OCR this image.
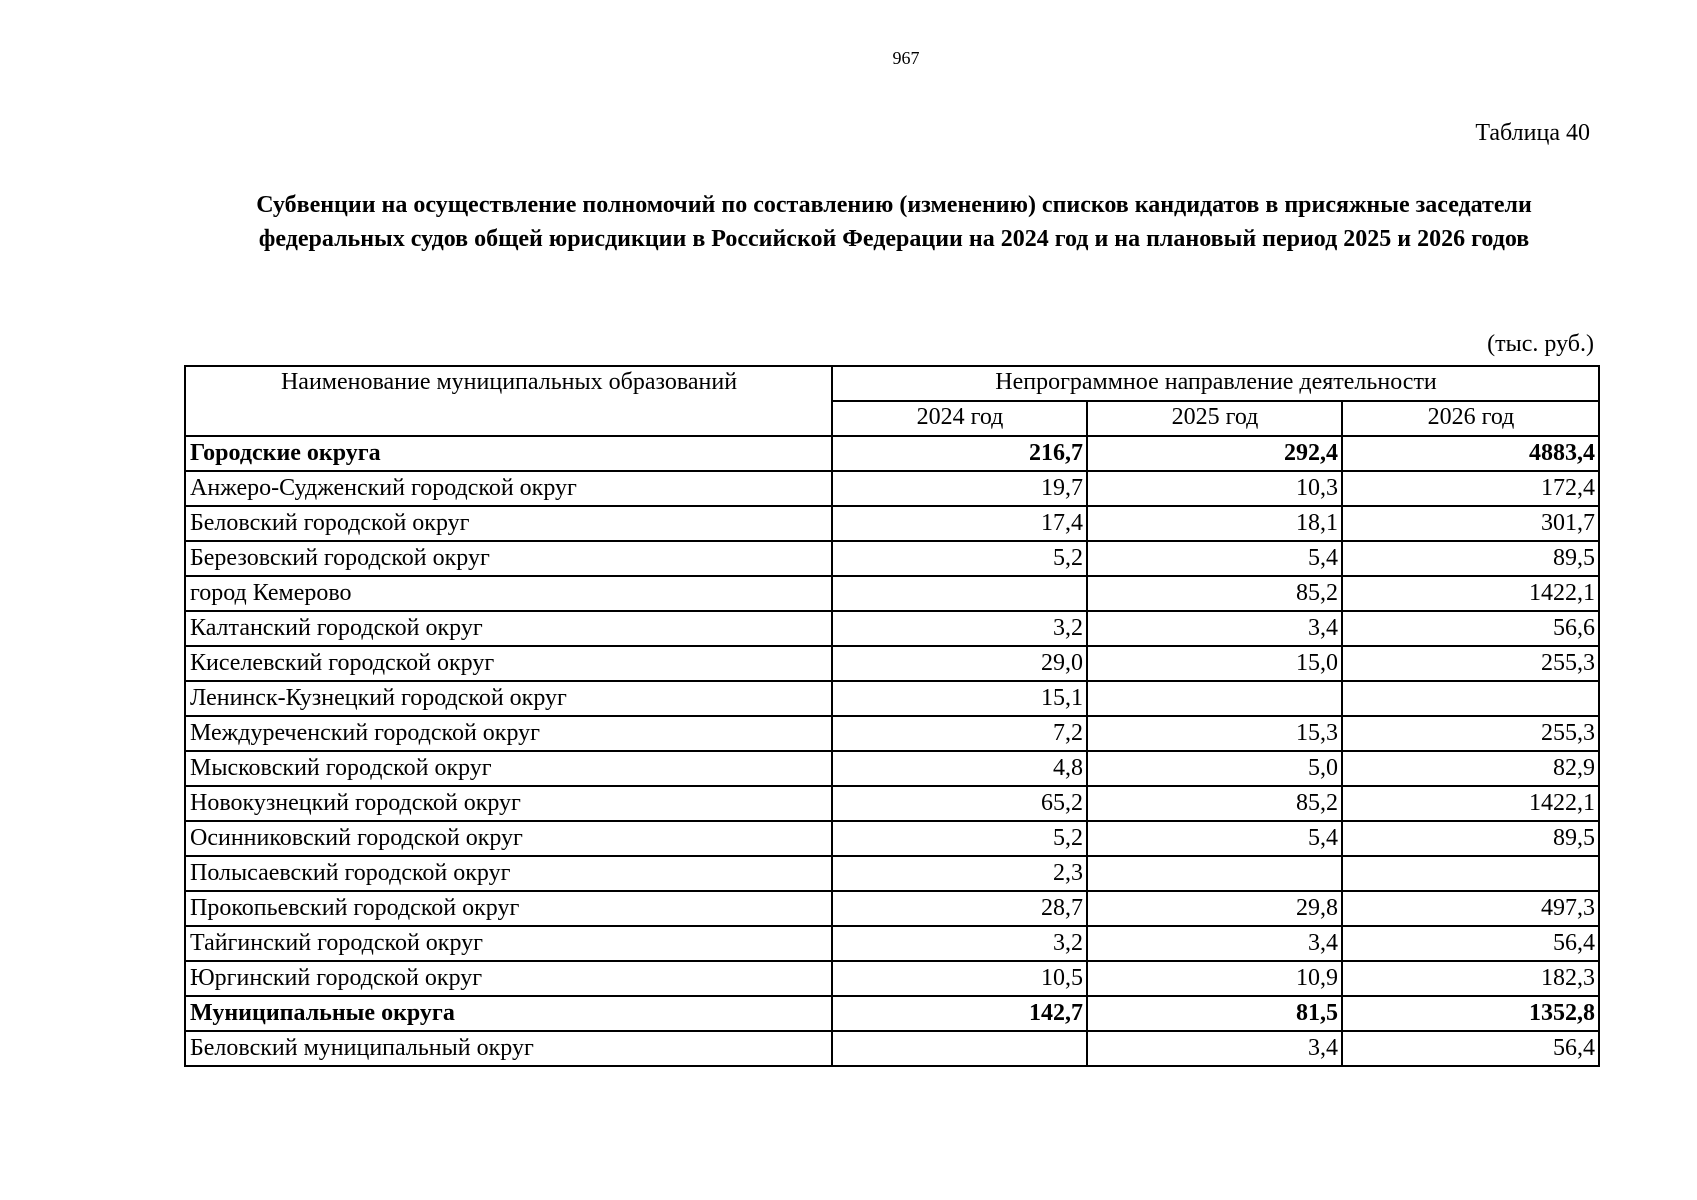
967
Таблица 40
Субвенции на осуществление полномочий по составлению (изменению) списков кандидатов в присяжные заседатели
федеральных судов общей юрисдикции в Российской Федерации на 2024 год и на плановый период 2025 и 2026 годов
(тыс. руб.)
Наименование муниципальных образований	Непрограммное направление деятельности		
	2024 год	2025 год	2026 год
Городские округа	216,7	292,4	4883,4
Анжеро-Судженский городской округ	19,7	10,3	172,4
Беловский городской округ	17,4	18,1	301,7
Березовский городской округ	5,2	5,4	89,5
город Кемерово		85,2	1422,1
Калтанский городской округ	3,2	3,4	56,6
Киселевский городской округ	29,0	15,0	255,3
Ленинск-Кузнецкий городской округ	15,1		
Междуреченский городской округ	7,2	15,3	255,3
Мысковский городской округ	4,8	5,0	82,9
Новокузнецкий городской округ	65,2	85,2	1422,1
Осинниковский городской округ	5,2	5,4	89,5
Полысаевский городской округ	2,3		
Прокопьевский городской округ	28,7	29,8	497,3
Тайгинский городской округ	3,2	3,4	56,4
Юргинский городской округ	10,5	10,9	182,3
Муниципальные округа	142,7	81,5	1352,8
Беловский муниципальный округ		3,4	56,4
